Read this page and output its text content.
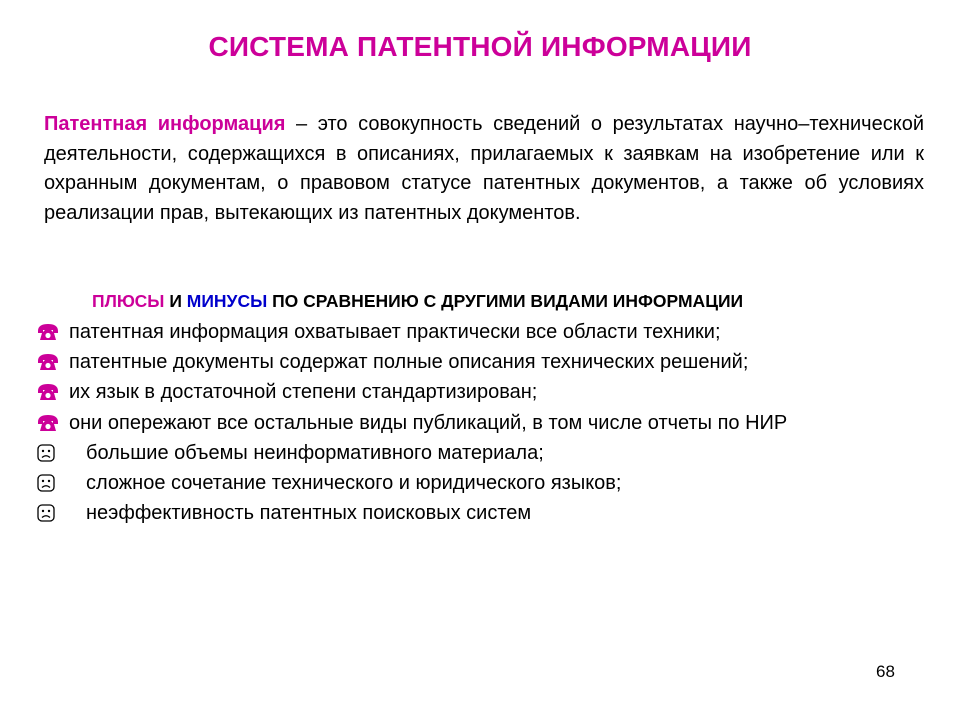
СИСТЕМА ПАТЕНТНОЙ ИНФОРМАЦИИ
Патентная информация – это совокупность сведений о результатах научно–технической деятельности, содержащихся в описаниях, прилагаемых к заявкам на изобретение или к охранным документам, о правовом статусе патентных документов, а также об условиях реализации прав, вытекающих из патентных документов.
ПЛЮСЫ И МИНУСЫ ПО СРАВНЕНИЮ С ДРУГИМИ ВИДАМИ ИНФОРМАЦИИ
патентная информация охватывает практически все области техники;
патентные документы содержат полные описания технических решений;
их язык в достаточной степени стандартизирован;
они опережают все остальные виды публикаций, в том числе отчеты по НИР
большие объемы неинформативного материала;
сложное сочетание технического и юридического языков;
неэффективность патентных поисковых систем
68
